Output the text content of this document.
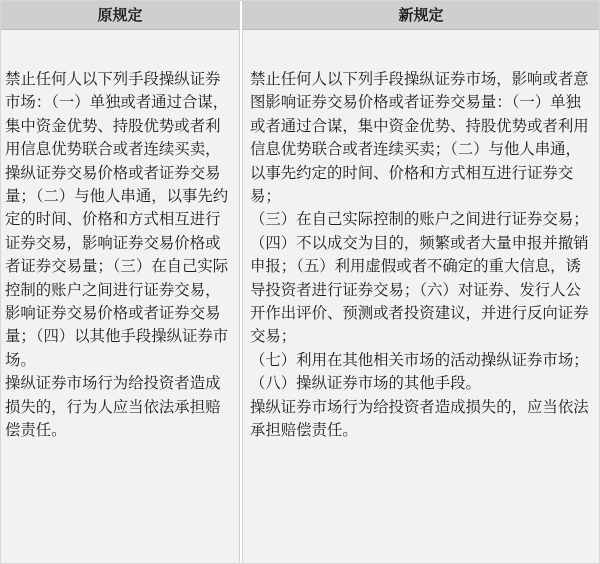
原规定

禁止任何人以下列手段操纵证券市场：（一）单独或者通过合谋，集中资金优势、持股优势或者利用信息优势联合或者连续买卖，操纵证券交易价格或者证券交易量；（二）与他人串通，以事先约定的时间、价格和方式相互进行证券交易，影响证券交易价格或者证券交易量；（三）在自己实际控制的账户之间进行证券交易，影响证券交易价格或者证券交易量；（四）以其他手段操纵证券市场。

操纵证券市场行为给投资者造成损失的，行为人应当依法承担赔偿责任。

新规定

禁止任何人以下列手段操纵证券市场，影响或者意图影响证券交易价格或者证券交易量：（一）单独或者通过合谋，集中资金优势、持股优势或者利用信息优势联合或者连续买卖；（二）与他人串通，以事先约定的时间、价格和方式相互进行证券交易；

（三）在自己实际控制的账户之间进行证券交易；（四）不以成交为目的，频繁或者大量申报并撤销申报；（五）利用虚假或者不确定的重大信息，诱导投资者进行证券交易；（六）对证券、发行人公开作出评价、预测或者投资建议，并进行反向证券交易；

（七）利用在其他相关市场的活动操纵证券市场；（八）操纵证券市场的其他手段。

操纵证券市场行为给投资者造成损失的，应当依法承担赔偿责任。
